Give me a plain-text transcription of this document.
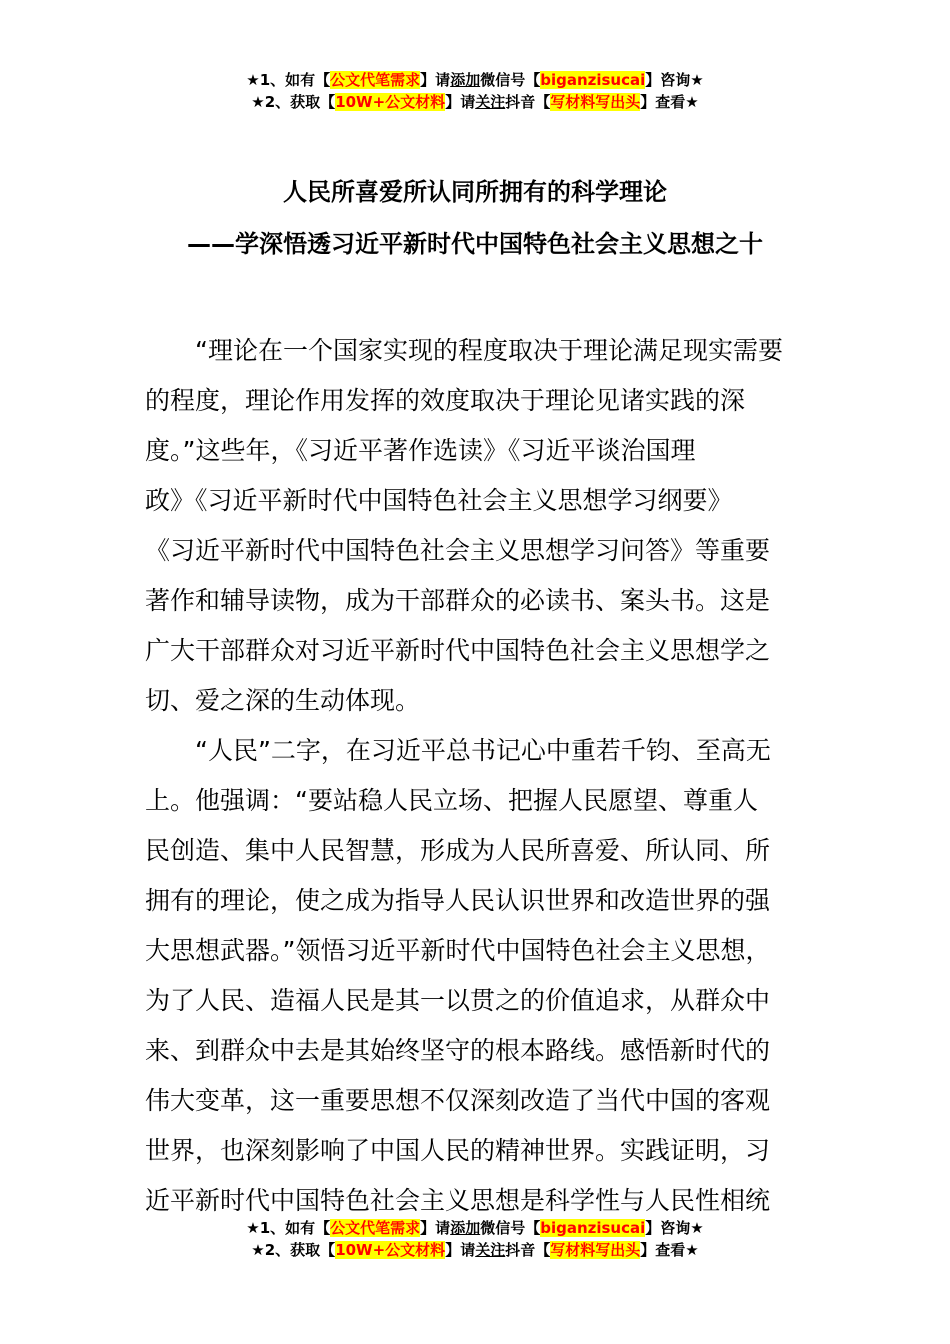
★1、如有【公文代笔需求】请添加微信号【biganzisucai】咨询★
★2、获取【10W+公文材料】请关注抖音【写材料写出头】查看★
人民所喜爱所认同所拥有的科学理论
——学深悟透习近平新时代中国特色社会主义思想之十
“理论在一个国家实现的程度取决于理论满足现实需要
的程度，理论作用发挥的效度取决于理论见诸实践的深
度。”这些年，《习近平著作选读》《习近平谈治国理
政》《习近平新时代中国特色社会主义思想学习纲要》
《习近平新时代中国特色社会主义思想学习问答》等重要
著作和辅导读物，成为干部群众的必读书、案头书。这是
广大干部群众对习近平新时代中国特色社会主义思想学之
切、爱之深的生动体现。
“人民”二字，在习近平总书记心中重若千钧、至高无
上。他强调：“要站稳人民立场、把握人民愿望、尊重人
民创造、集中人民智慧，形成为人民所喜爱、所认同、所
拥有的理论，使之成为指导人民认识世界和改造世界的强
大思想武器。”领悟习近平新时代中国特色社会主义思想，
为了人民、造福人民是其一以贯之的价值追求，从群众中
来、到群众中去是其始终坚守的根本路线。感悟新时代的
伟大变革，这一重要思想不仅深刻改造了当代中国的客观
世界，也深刻影响了中国人民的精神世界。实践证明，习
近平新时代中国特色社会主义思想是科学性与人民性相统
★1、如有【公文代笔需求】请添加微信号【biganzisucai】咨询★
★2、获取【10W+公文材料】请关注抖音【写材料写出头】查看★
